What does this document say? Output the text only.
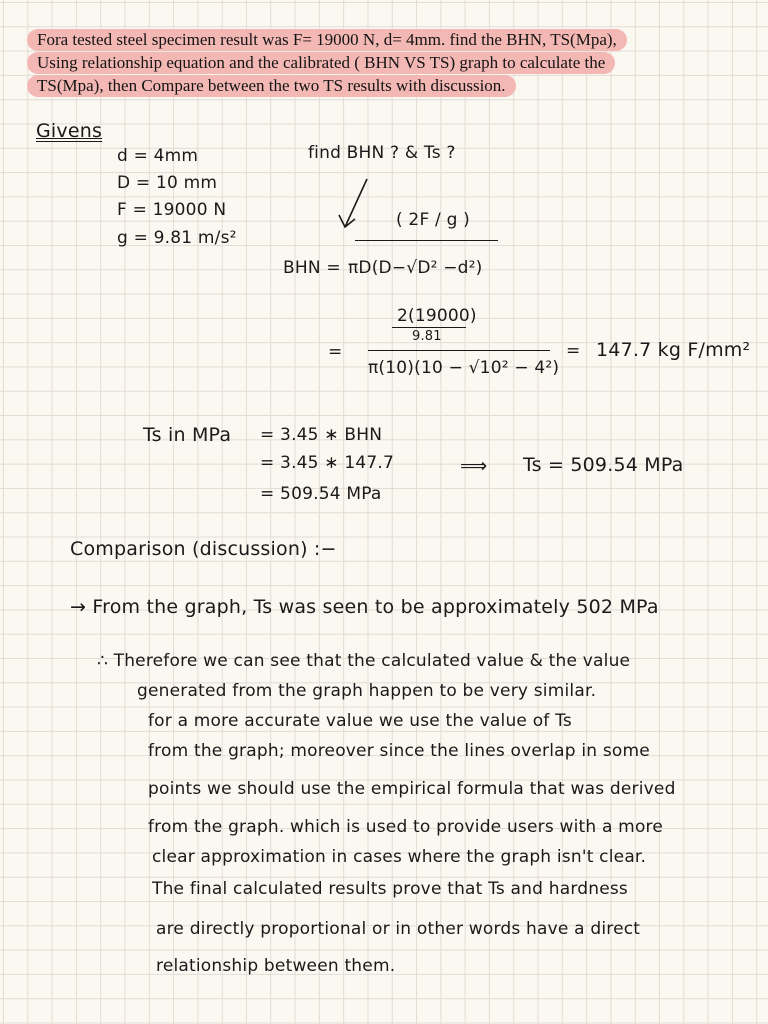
Fora tested steel specimen result was F= 19000 N, d= 4mm. find the BHN, TS(Mpa),
Using relationship equation and the calibrated ( BHN VS TS) graph to calculate the
TS(Mpa), then Compare between the two TS results with discussion.
Givens
d = 4mm
D = 10 mm
F = 19000 N
g = 9.81 m/s²
find BHN ? & Ts ?
( 2F / g )
BHN = πD(D−√D² −d²)
2(19000)
9.81
=
π(10)(10 − √10² − 4²)
= 147.7 kg F/mm²
Ts in MPa = 3.45 ∗ BHN
= 3.45 ∗ 147.7
= 509.54 MPa
⟹ Ts = 509.54 MPa
Comparison (discussion) :−
→ From the graph, Ts was seen to be approximately 502 MPa
∴ Therefore we can see that the calculated value & the value
generated from the graph happen to be very similar.
for a more accurate value we use the value of Ts
from the graph; moreover since the lines overlap in some
points we should use the empirical formula that was derived
from the graph. which is used to provide users with a more
clear approximation in cases where the graph isn't clear.
The final calculated results prove that Ts and hardness
are directly proportional or in other words have a direct
relationship between them.
